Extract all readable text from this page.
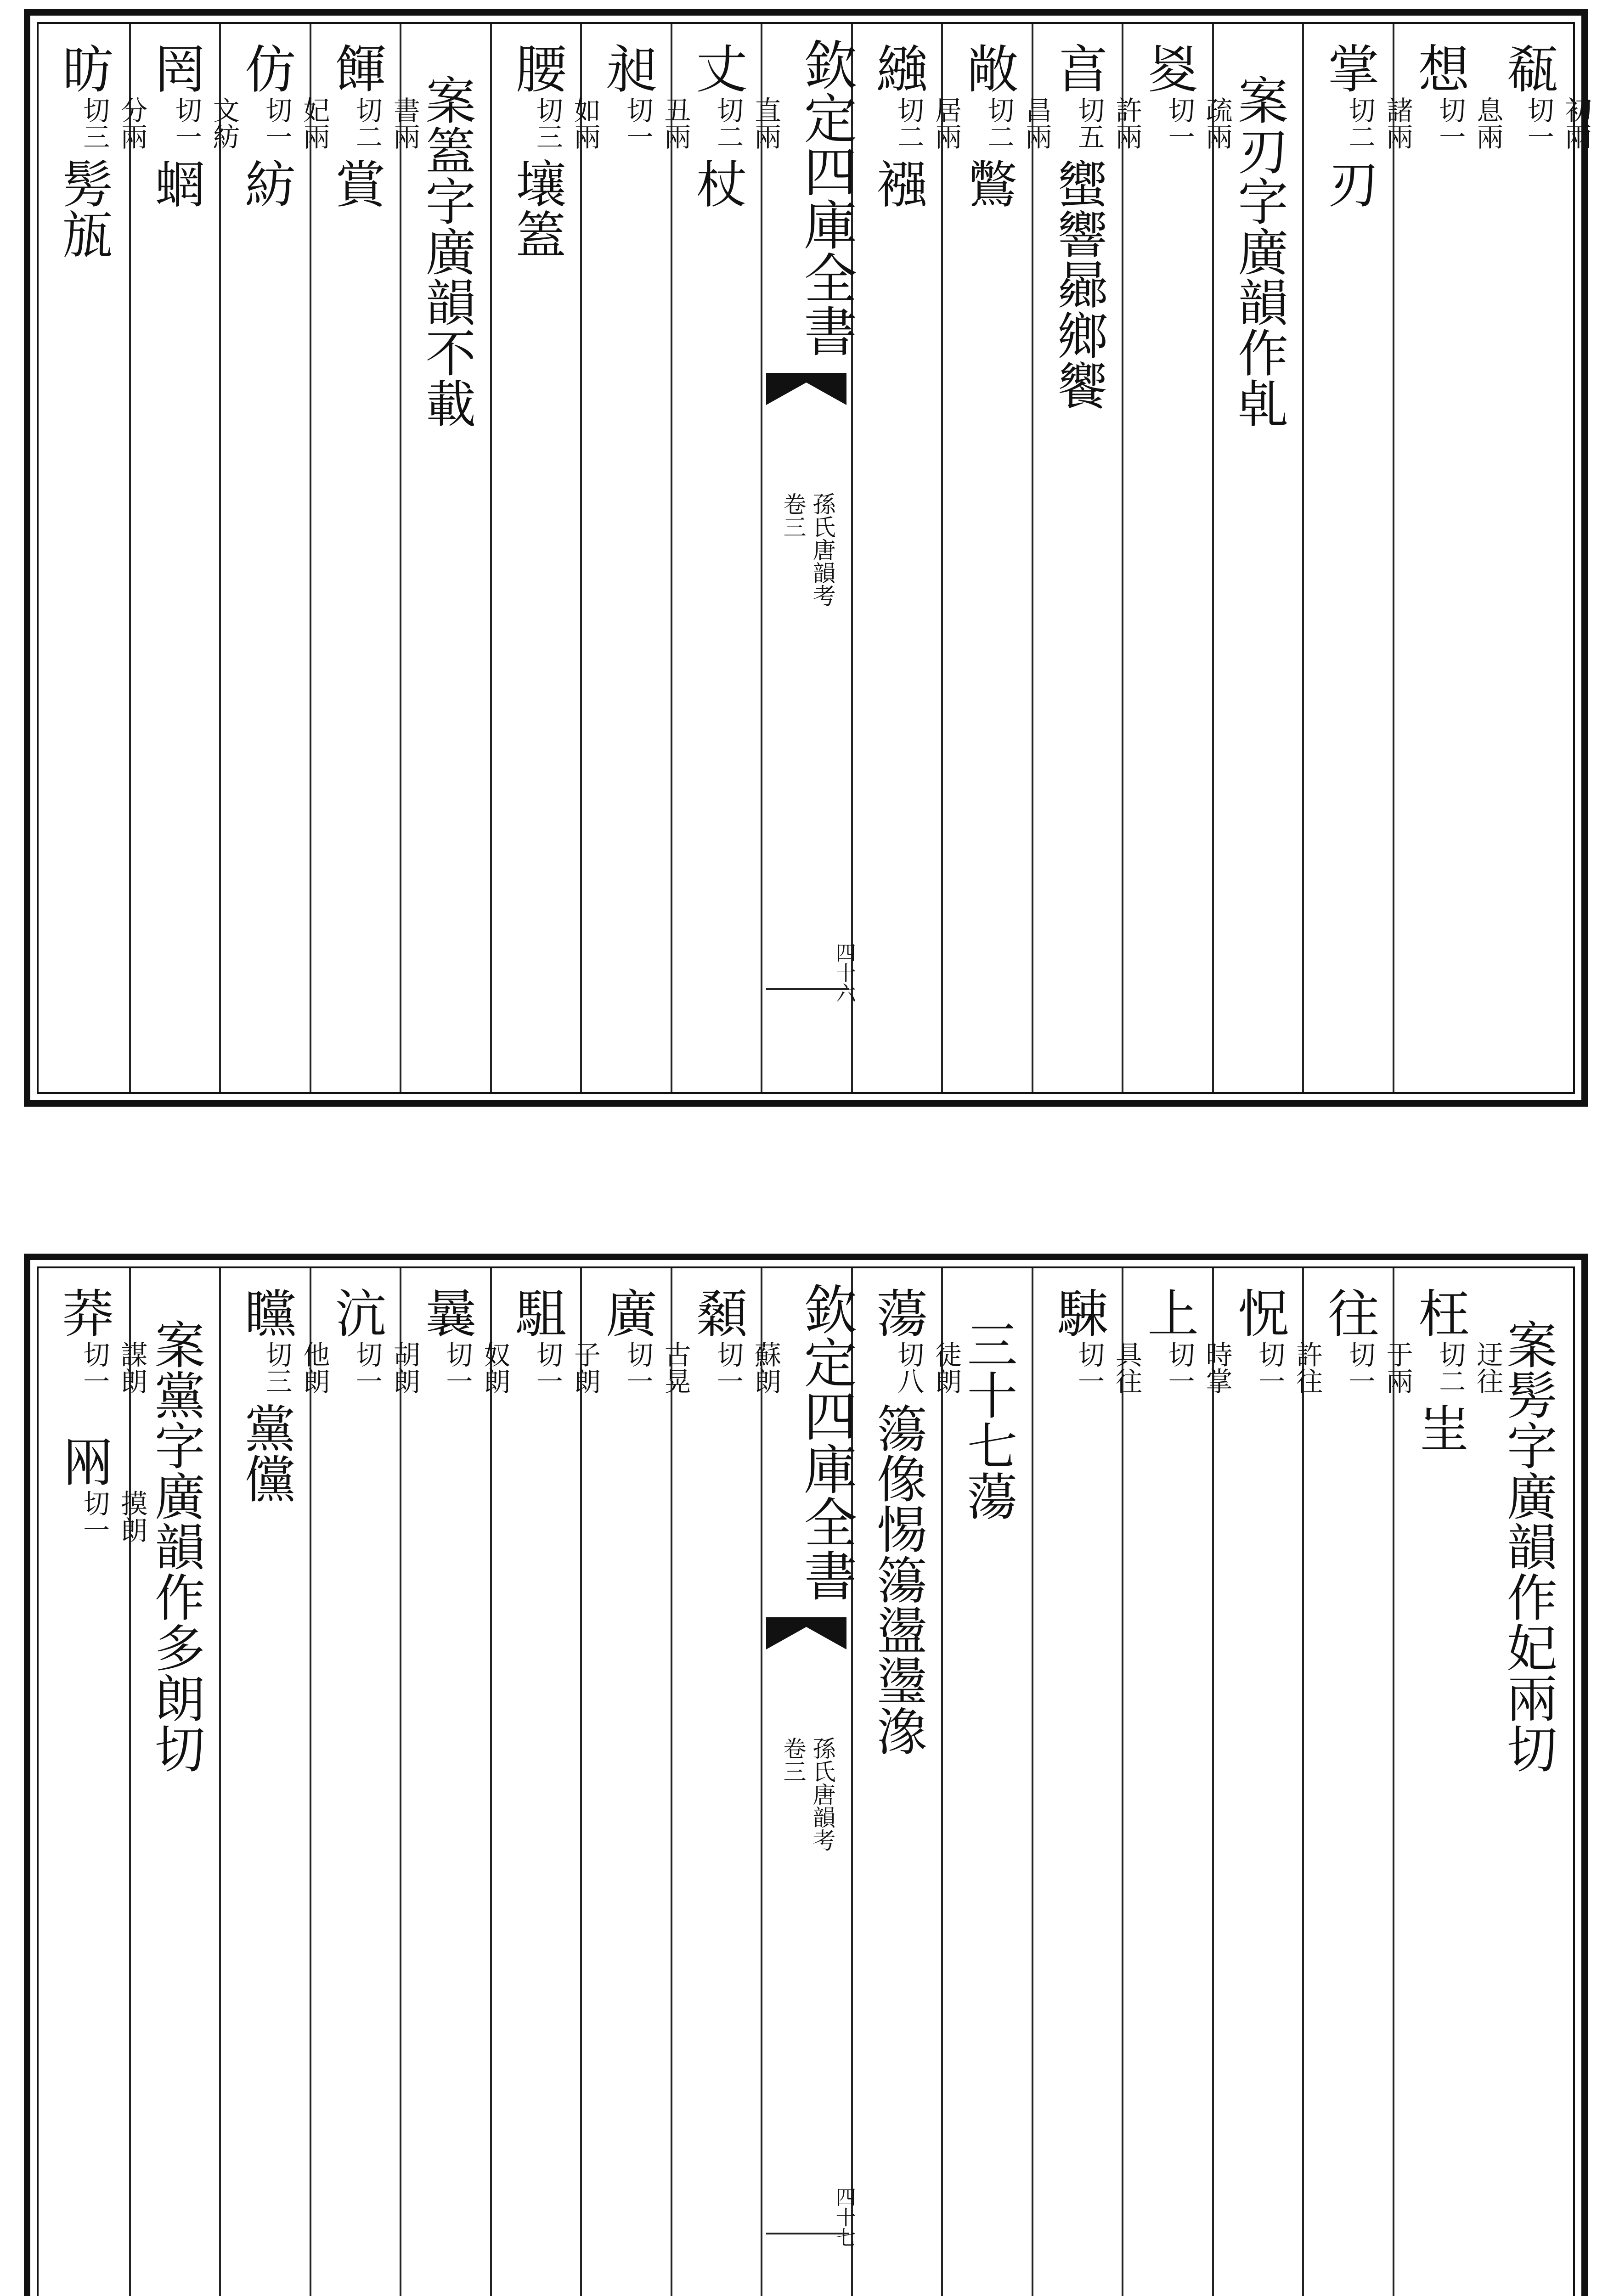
瓻
初兩
切一
想
息兩
切一
掌
諸兩
切二
刃
案刃字廣韻作𠃵
㚇
疏兩
切一
亯
許兩
切五
蠁響曏鄉饗
敞
昌兩
切二
鷩
繈
居兩
切二
襁
欽定四庫全書
孫氏唐韻考
卷三
四十六
丈
直兩
切二
杖
昶
丑兩
切一
腰
如兩
切三
壤篕
案篕字廣韻不載
餫
書兩
切二
賞
仿
妃兩
切一
紡
罔
文紡
切一
蝄
昉
分兩
切三
髣瓬
案髣字廣韻作妃兩切
枉
迂往
切二
㞷
往
于兩
切一
怳
許往
切一
上
時掌
切一
駷
具往
切一
三十七蕩
蕩
徒朗
切八
簜像惕簜盪璗潒
欽定四庫全書
孫氏唐韻考
卷三
四十七
顙
蘇朗
切一
廣
古晃
切一
駔
子朗
切一
曩
奴朗
切一
沆
胡朗
切一
矘
他朗
切三
黨儻
案黨字廣韻作多朗切
莽
謀朗
切一
㒳
摸朗
切一
